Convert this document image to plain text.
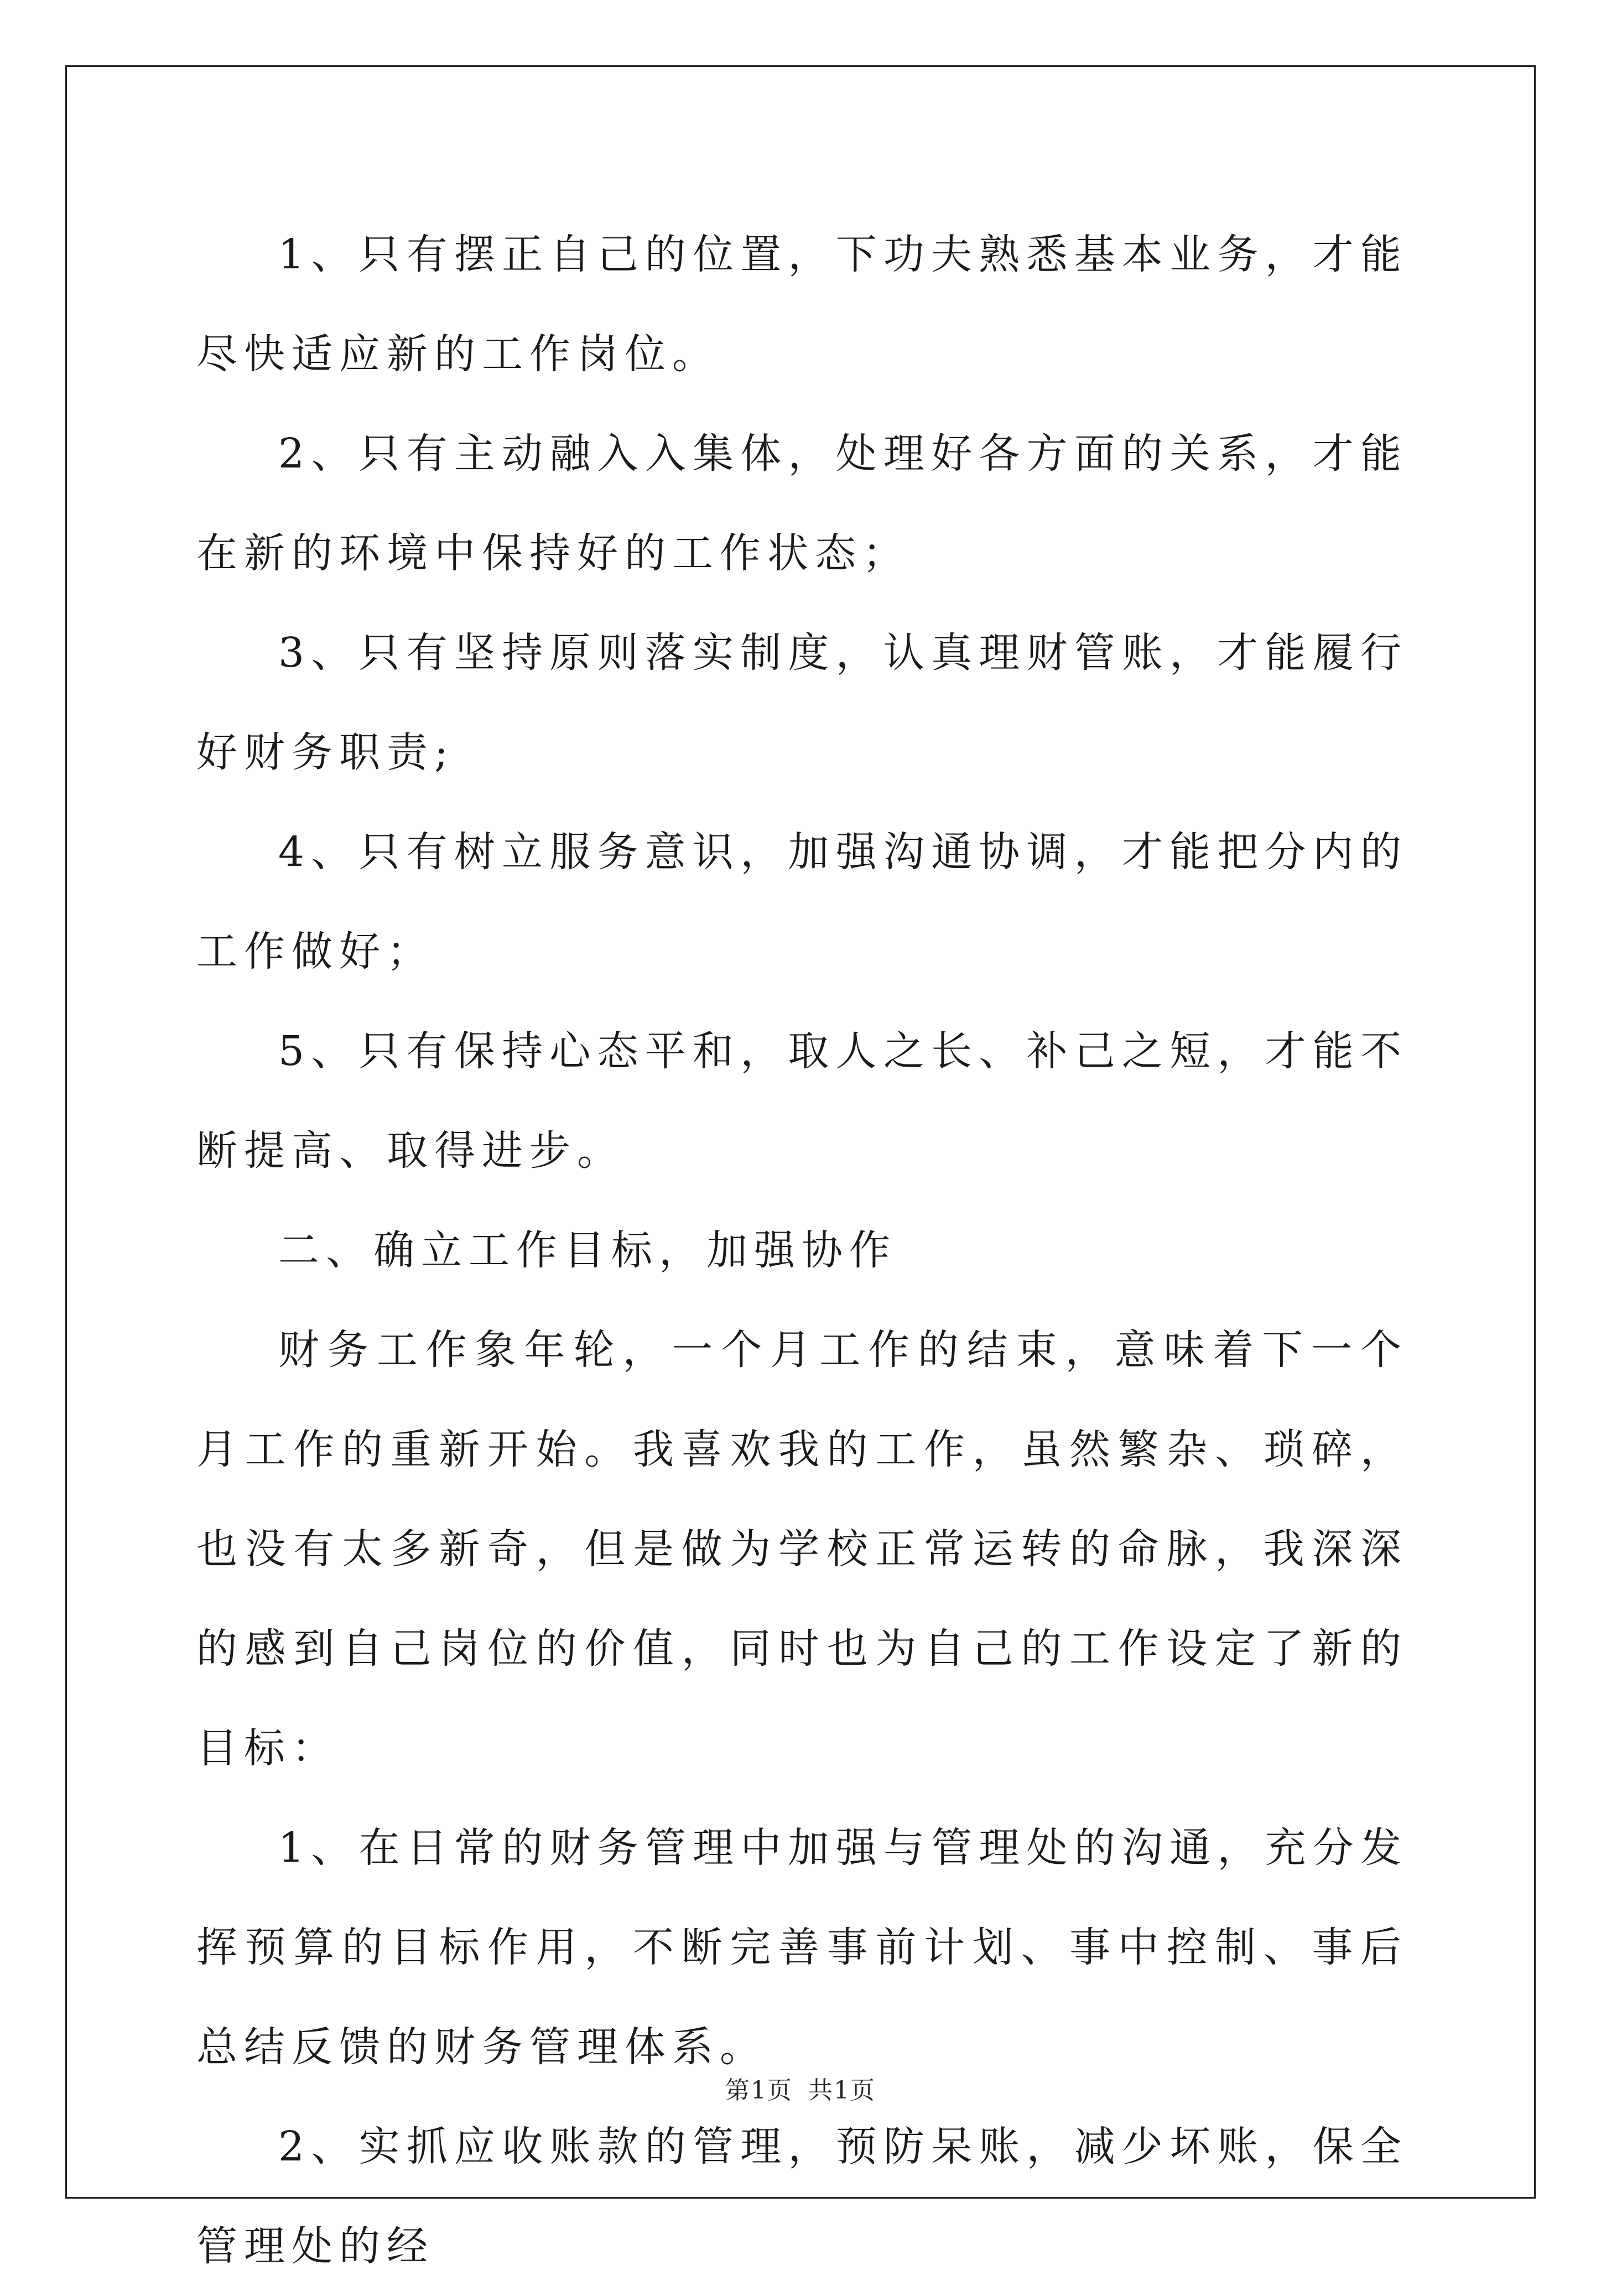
1、只有摆正自己的位置，下功夫熟悉基本业务，才能尽快适应新的工作岗位。

2、只有主动融入入集体，处理好各方面的关系，才能在新的环境中保持好的工作状态；

3、只有坚持原则落实制度，认真理财管账，才能履行好财务职责;

4、只有树立服务意识，加强沟通协调，才能把分内的工作做好；

5、只有保持心态平和，取人之长、补己之短，才能不断提高、取得进步。

二、确立工作目标，加强协作

财务工作象年轮，一个月工作的结束，意味着下一个月工作的重新开始。我喜欢我的工作，虽然繁杂、琐碎，也没有太多新奇，但是做为学校正常运转的命脉，我深深的感到自己岗位的价值，同时也为自己的工作设定了新的目标：

1、在日常的财务管理中加强与管理处的沟通，充分发挥预算的目标作用，不断完善事前计划、事中控制、事后总结反馈的财务管理体系。

2、实抓应收账款的管理，预防呆账，减少坏账，保全管理处的经

第1页 共1页
